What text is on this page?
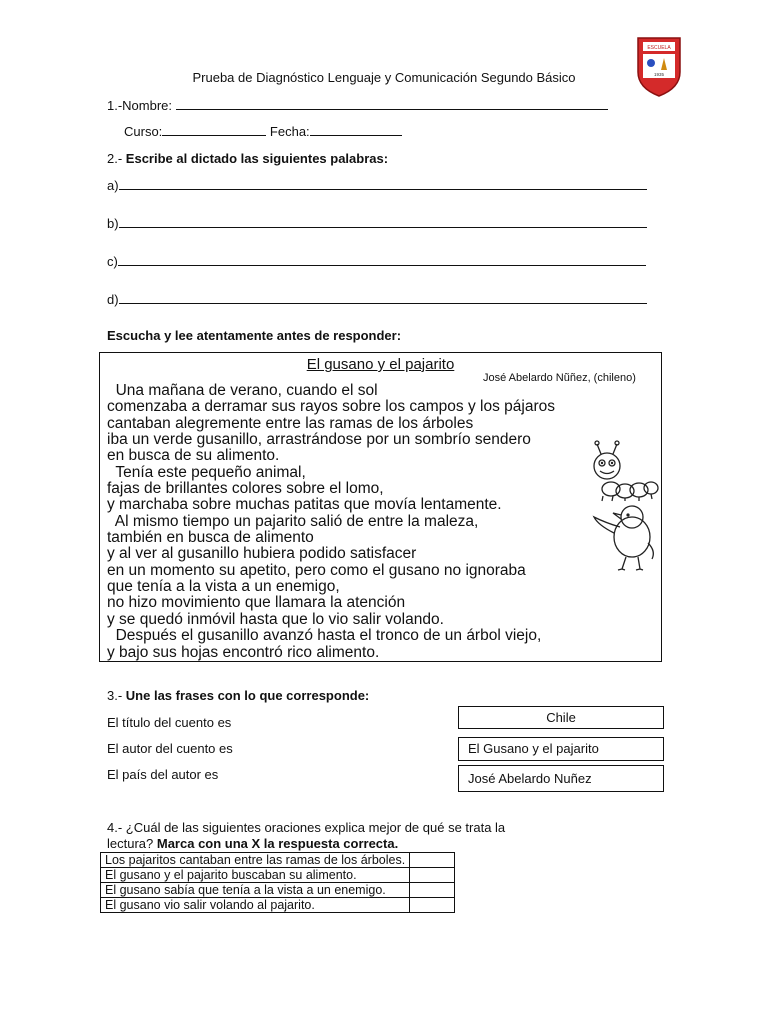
ESCUELA
1935
Prueba de Diagnóstico Lenguaje y Comunicación Segundo Básico
1.-Nombre:
Curso:	Fecha:
2.- Escribe al dictado las siguientes palabras:
a)
b)
c)
d)
Escucha y lee atentamente antes de responder:
El gusano y el pajarito
José Abelardo Nũñez, (chileno)
Una mañana de verano, cuando el sol
comenzaba a derramar sus rayos sobre los campos y los pájaros
cantaban alegremente entre las ramas de los árboles
iba un verde gusanillo, arrastrándose por un sombrío sendero
en busca de su alimento.
Tenía este pequeño animal,
fajas de brillantes colores sobre el lomo,
y marchaba sobre muchas patitas que movía lentamente.
Al mismo tiempo un pajarito salió de entre la maleza,
también en busca de alimento
y al ver al gusanillo hubiera podido satisfacer
en un momento su apetito, pero como el gusano no ignoraba
que tenía a la vista a un enemigo,
no hizo movimiento que llamara la atención
y se quedó inmóvil hasta que lo vio salir volando.
Después el gusanillo avanzó hasta el tronco de un árbol viejo,
y bajo sus hojas encontró rico alimento.
3.- Une las frases con lo que corresponde:
El título del cuento es
El autor del cuento es
El país del autor es
Chile
El Gusano y el pajarito
José Abelardo Nuñez
4.- ¿Cuál de las siguientes oraciones explica mejor de qué se trata la
lectura? Marca con una X la respuesta correcta.
Los pajaritos cantaban entre las ramas de los árboles.	
El gusano y el pajarito buscaban su alimento.	
El gusano sabía que tenía a la vista a un enemigo.	
El gusano vio salir volando al pajarito.	
